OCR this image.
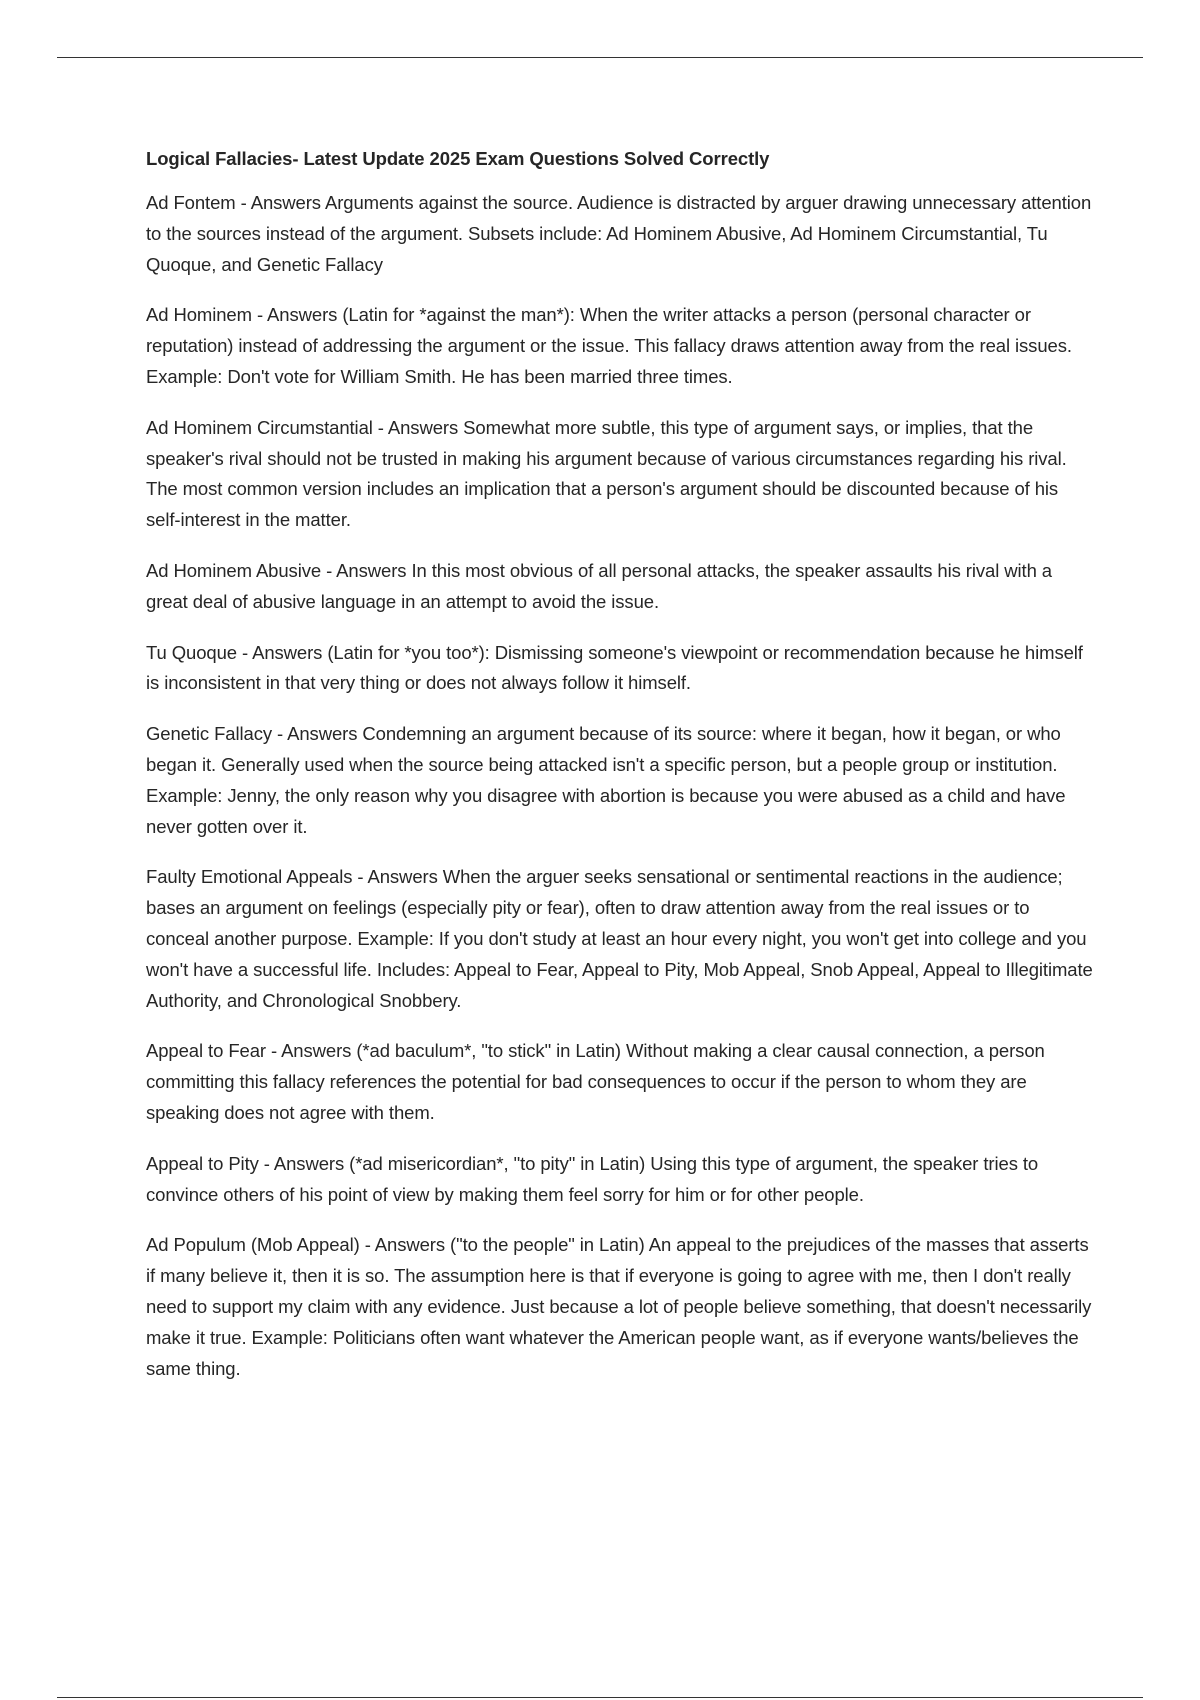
Logical Fallacies- Latest Update 2025 Exam Questions Solved Correctly

Ad Fontem - Answers Arguments against the source. Audience is distracted by arguer drawing unnecessary attention to the sources instead of the argument. Subsets include: Ad Hominem Abusive, Ad Hominem Circumstantial, Tu Quoque, and Genetic Fallacy

Ad Hominem - Answers (Latin for *against the man*): When the writer attacks a person (personal character or reputation) instead of addressing the argument or the issue. This fallacy draws attention away from the real issues. Example: Don't vote for William Smith. He has been married three times.

Ad Hominem Circumstantial - Answers Somewhat more subtle, this type of argument says, or implies, that the speaker's rival should not be trusted in making his argument because of various circumstances regarding his rival. The most common version includes an implication that a person's argument should be discounted because of his self-interest in the matter.

Ad Hominem Abusive - Answers In this most obvious of all personal attacks, the speaker assaults his rival with a great deal of abusive language in an attempt to avoid the issue.

Tu Quoque - Answers (Latin for *you too*): Dismissing someone's viewpoint or recommendation because he himself is inconsistent in that very thing or does not always follow it himself.

Genetic Fallacy - Answers Condemning an argument because of its source: where it began, how it began, or who began it. Generally used when the source being attacked isn't a specific person, but a people group or institution. Example: Jenny, the only reason why you disagree with abortion is because you were abused as a child and have never gotten over it.

Faulty Emotional Appeals - Answers When the arguer seeks sensational or sentimental reactions in the audience; bases an argument on feelings (especially pity or fear), often to draw attention away from the real issues or to conceal another purpose. Example: If you don't study at least an hour every night, you won't get into college and you won't have a successful life. Includes: Appeal to Fear, Appeal to Pity, Mob Appeal, Snob Appeal, Appeal to Illegitimate Authority, and Chronological Snobbery.

Appeal to Fear - Answers (*ad baculum*, "to stick" in Latin) Without making a clear causal connection, a person committing this fallacy references the potential for bad consequences to occur if the person to whom they are speaking does not agree with them.

Appeal to Pity - Answers (*ad misericordian*, "to pity" in Latin) Using this type of argument, the speaker tries to convince others of his point of view by making them feel sorry for him or for other people.

Ad Populum (Mob Appeal) - Answers ("to the people" in Latin) An appeal to the prejudices of the masses that asserts if many believe it, then it is so. The assumption here is that if everyone is going to agree with me, then I don't really need to support my claim with any evidence. Just because a lot of people believe something, that doesn't necessarily make it true. Example: Politicians often want whatever the American people want, as if everyone wants/believes the same thing.
